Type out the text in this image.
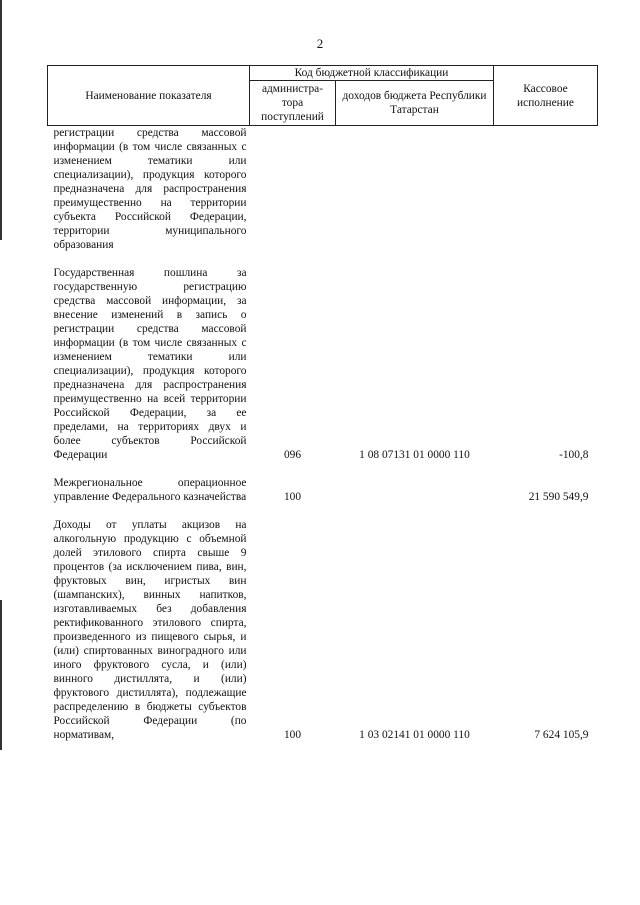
2
Наименование показателя	Код бюджетной классификации		Кассовое исполнение
	администра-тора поступлений	доходов бюджета Республики Татарстан	

регистрации средства массовой информации (в том числе связанных с изменением тематики или специализации), продукция которого предназначена для распространения преимущественно на территории субъекта Российской Федерации, территории муниципального образования			

Государственная пошлина за государственную регистрацию средства массовой информации, за внесение изменений в запись о регистрации средства массовой информации (в том числе связанных с изменением тематики или специализации), продукция которого предназначена для распространения преимущественно на всей территории Российской Федерации, за ее пределами, на территориях двух и более субъектов Российской Федерации	096	1 08 07131 01 0000 110	-100,8

Межрегиональное операционное управление Федерального казначейства	100		21 590 549,9

Доходы от уплаты акцизов на алкогольную продукцию с объемной долей этилового спирта свыше 9 процентов (за исключением пива, вин, фруктовых вин, игристых вин (шампанских), винных напитков, изготавливаемых без добавления ректификованного этилового спирта, произведенного из пищевого сырья, и (или) спиртованных виноградного или иного фруктового сусла, и (или) винного дистиллята, и (или) фруктового дистиллята), подлежащие распределению в бюджеты субъектов Российской Федерации (по нормативам,	100	1 03 02141 01 0000 110	7 624 105,9
